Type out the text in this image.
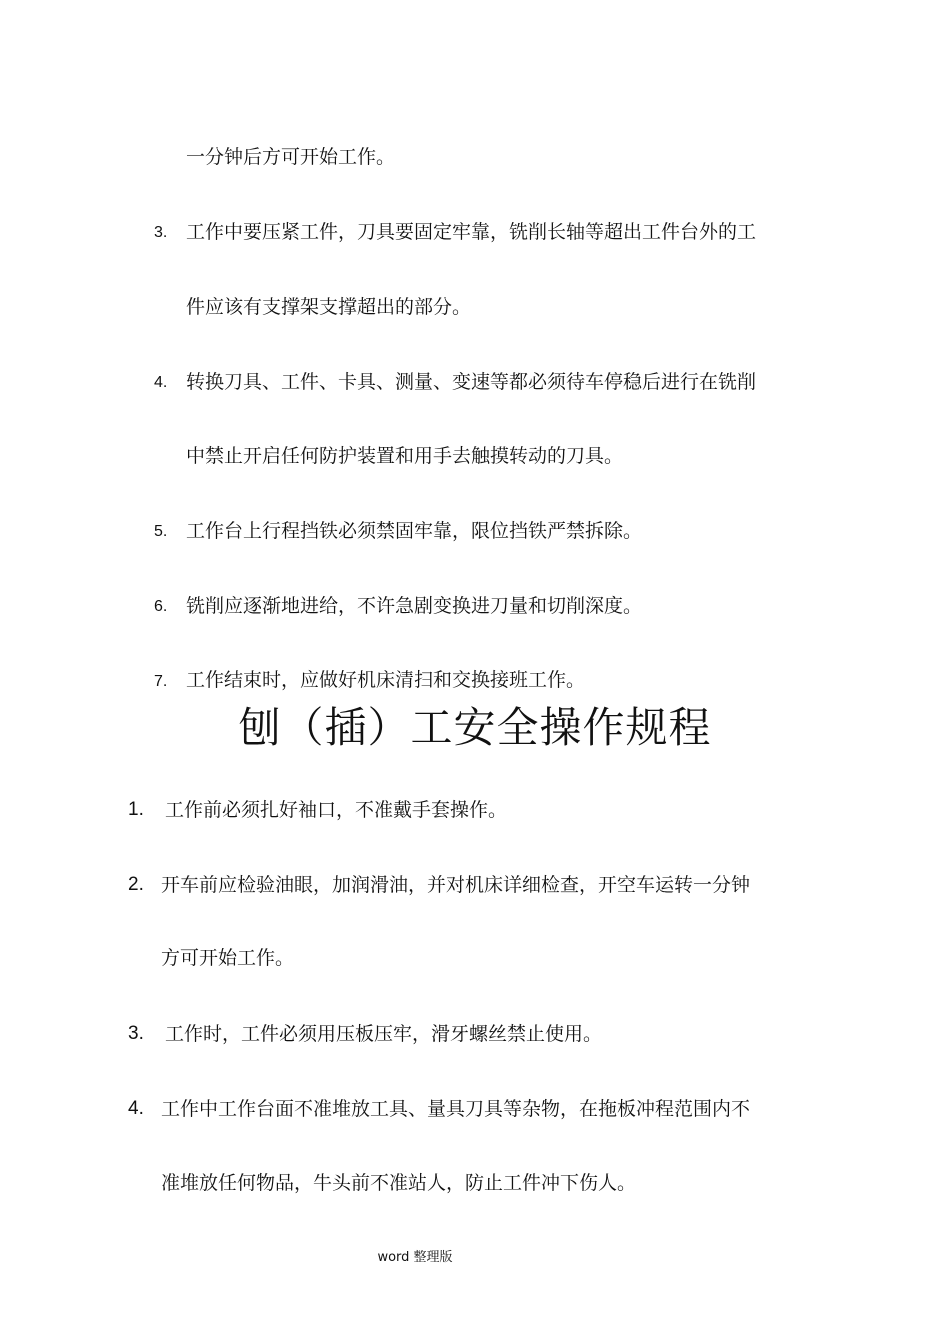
一分钟后方可开始工作。
3. 工作中要压紧工件，刀具要固定牢靠，铣削长轴等超出工件台外的工
件应该有支撑架支撑超出的部分。
4. 转换刀具、工件、卡具、测量、变速等都必须待车停稳后进行在铣削
中禁止开启任何防护装置和用手去触摸转动的刀具。
5. 工作台上行程挡铁必须禁固牢靠，限位挡铁严禁拆除。
6. 铣削应逐渐地进给，不许急剧变换进刀量和切削深度。
7. 工作结束时，应做好机床清扫和交换接班工作。
刨（插）工安全操作规程
1. 工作前必须扎好袖口，不准戴手套操作。
2. 开车前应检验油眼，加润滑油，并对机床详细检查，开空车运转一分钟
方可开始工作。
3. 工作时，工件必须用压板压牢，滑牙螺丝禁止使用。
4. 工作中工作台面不准堆放工具、量具刀具等杂物，在拖板冲程范围内不
准堆放任何物品，牛头前不准站人，防止工件冲下伤人。
word 整理版
